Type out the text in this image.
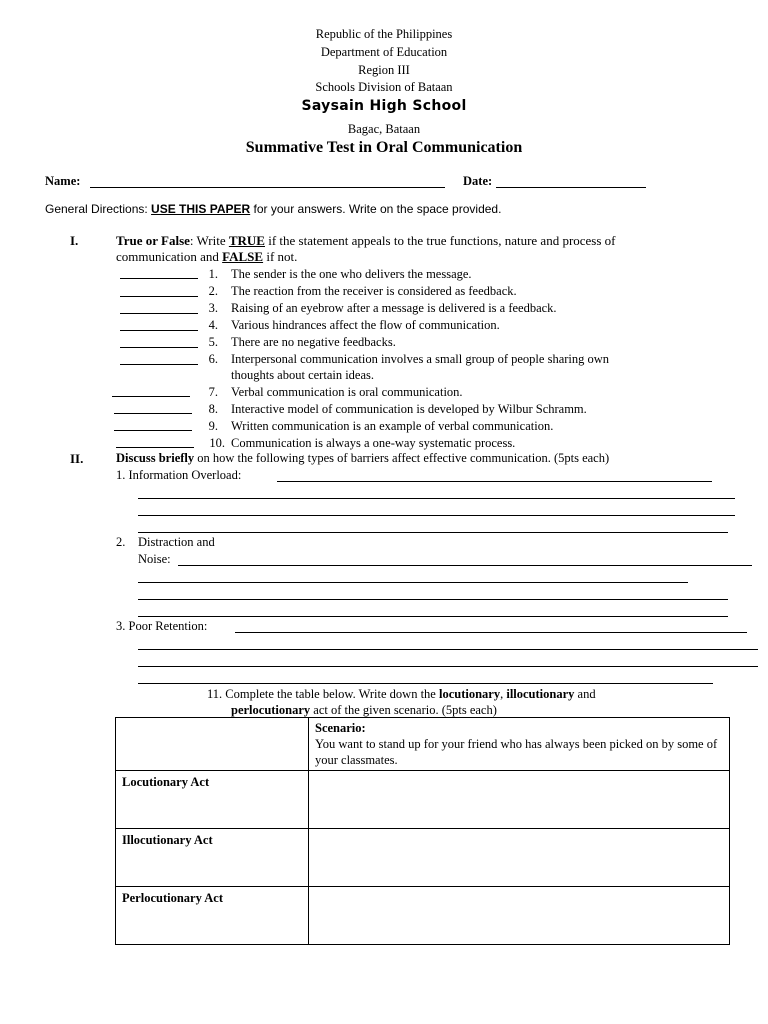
Republic of the Philippines
Department of Education
Region III
Schools Division of Bataan
Saysain High School
Bagac, Bataan
Summative Test in Oral Communication
Name:	Date:
General Directions: USE THIS PAPER for your answers. Write on the space provided.
I.	True or False: Write TRUE if the statement appeals to the true functions, nature and process of
communication and FALSE if not.
1. The sender is the one who delivers the message.
2. The reaction from the receiver is considered as feedback.
3. Raising of an eyebrow after a message is delivered is a feedback.
4. Various hindrances affect the flow of communication.
5. There are no negative feedbacks.
6. Interpersonal communication involves a small group of people sharing own
thoughts about certain ideas.
7. Verbal communication is oral communication.
8. Interactive model of communication is developed by Wilbur Schramm.
9. Written communication is an example of verbal communication.
10. Communication is always a one-way systematic process.
II.	Discuss briefly on how the following types of barriers affect effective communication. (5pts each)
1. Information Overload:
2. Distraction and
Noise:
3. Poor Retention:
11. Complete the table below. Write down the locutionary, illocutionary and
perlocutionary act of the given scenario. (5pts each)

	Scenario:
You want to stand up for your friend who has always been picked on by some of your classmates.

Locutionary Act	
Illocutionary Act	
Perlocutionary Act	
